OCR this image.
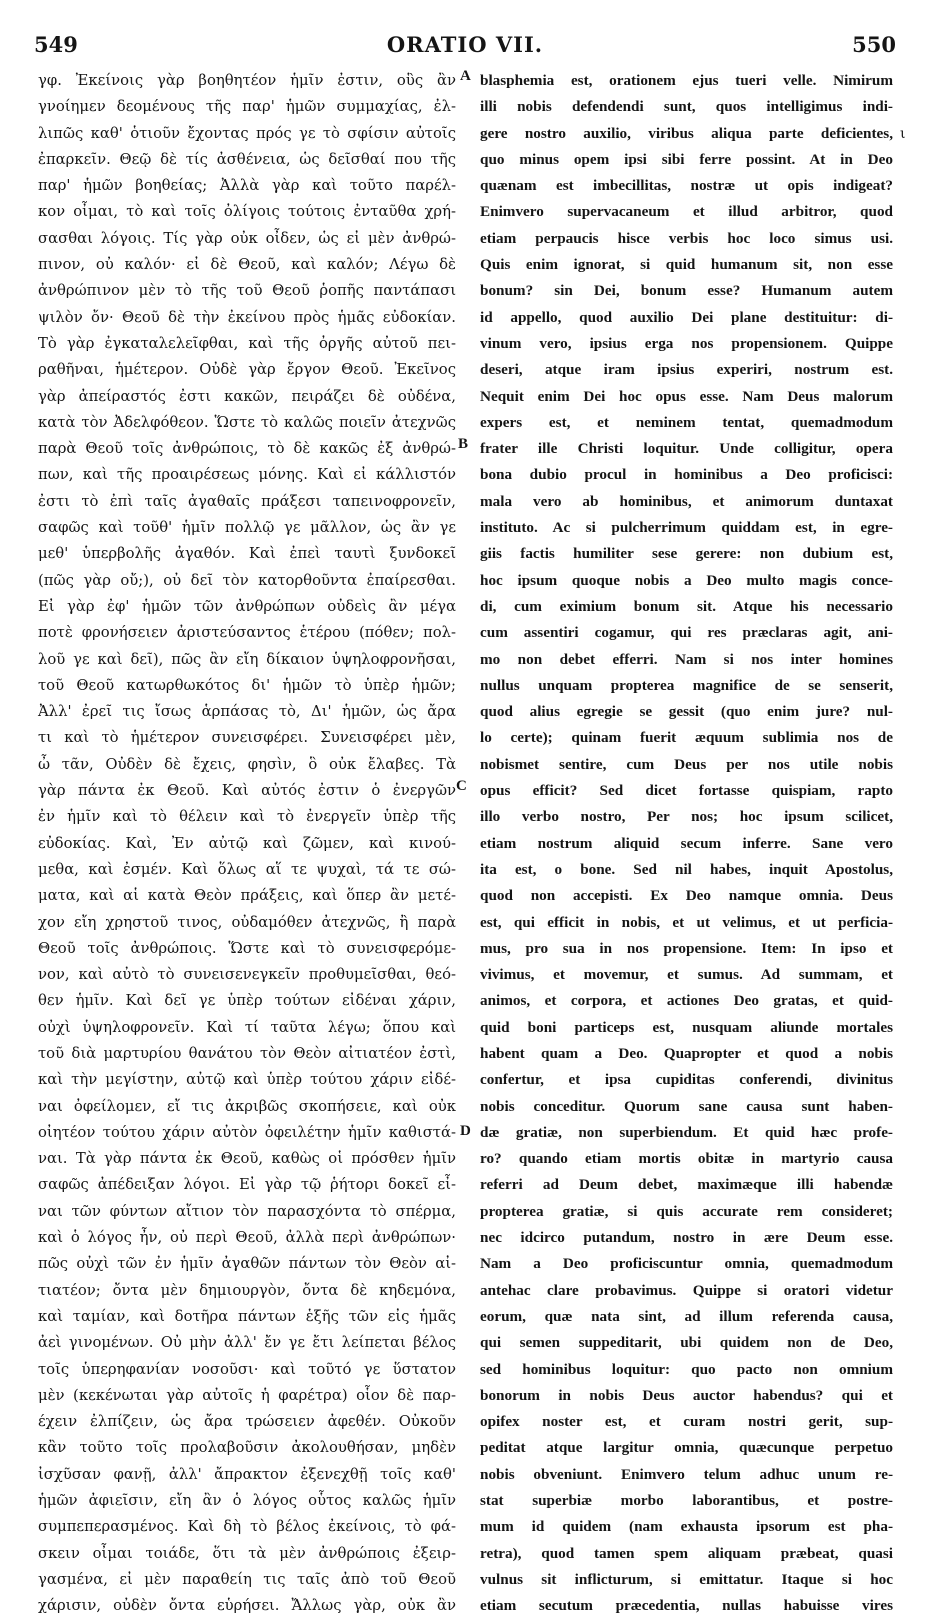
549	ORATIO VII.	550
γφ. Ἐκείνοις γὰρ βοηθητέον ἡμῖν ἐστιν, οὓς ἂν
γνοίημεν δεομένους τῆς παρ' ἡμῶν συμμαχίας, ἐλ-
λιπῶς καθ' ὁτιοῦν ἔχοντας πρός γε τὸ σφίσιν αὐτοῖς
ἐπαρκεῖν. Θεῷ δὲ τίς ἀσθένεια, ὡς δεῖσθαί που τῆς
παρ' ἡμῶν βοηθείας; Ἀλλὰ γὰρ καὶ τοῦτο παρέλ-
κον οἶμαι, τὸ καὶ τοῖς ὀλίγοις τούτοις ἐνταῦθα χρή-
σασθαι λόγοις. Τίς γὰρ οὐκ οἶδεν, ὡς εἰ μὲν ἀνθρώ-
πινον, οὐ καλόν· εἰ δὲ Θεοῦ, καὶ καλόν; Λέγω δὲ
ἀνθρώπινον μὲν τὸ τῆς τοῦ Θεοῦ ῥοπῆς παντάπασι
ψιλὸν ὄν· Θεοῦ δὲ τὴν ἐκείνου πρὸς ἡμᾶς εὐδοκίαν.
Τὸ γὰρ ἐγκαταλελεῖφθαι, καὶ τῆς ὀργῆς αὐτοῦ πει-
ραθῆναι, ἡμέτερον. Οὐδὲ γὰρ ἔργον Θεοῦ. Ἐκεῖνος
γὰρ ἀπείραστός ἐστι κακῶν, πειράζει δὲ οὐδένα,
κατὰ τὸν Ἀδελφόθεον. Ὥστε τὸ καλῶς ποιεῖν ἀτεχνῶς
παρὰ Θεοῦ τοῖς ἀνθρώποις, τὸ δὲ κακῶς ἐξ ἀνθρώ-
πων, καὶ τῆς προαιρέσεως μόνης. Καὶ εἰ κάλλιστόν
ἐστι τὸ ἐπὶ ταῖς ἀγαθαῖς πράξεσι ταπεινοφρονεῖν,
σαφῶς καὶ τοῦθ' ἡμῖν πολλῷ γε μᾶλλον, ὡς ἂν γε
μεθ' ὑπερβολῆς ἀγαθόν. Καὶ ἐπεὶ ταυτὶ ξυνδοκεῖ
(πῶς γὰρ οὔ;), οὐ δεῖ τὸν κατορθοῦντα ἐπαίρεσθαι.
Εἰ γὰρ ἐφ' ἡμῶν τῶν ἀνθρώπων οὐδεὶς ἂν μέγα
ποτὲ φρονήσειεν ἀριστεύσαντος ἑτέρου (πόθεν; πολ-
λοῦ γε καὶ δεῖ), πῶς ἂν εἴη δίκαιον ὑψηλοφρονῆσαι,
τοῦ Θεοῦ κατωρθωκότος δι' ἡμῶν τὸ ὑπὲρ ἡμῶν;
Ἀλλ' ἐρεῖ τις ἴσως ἁρπάσας τὸ, Δι' ἡμῶν, ὡς ἄρα
τι καὶ τὸ ἡμέτερον συνεισφέρει. Συνεισφέρει μὲν,
ὦ τᾶν, Οὐδὲν δὲ ἔχεις, φησὶν, ὃ οὐκ ἔλαβες. Τὰ
γὰρ πάντα ἐκ Θεοῦ. Καὶ αὐτός ἐστιν ὁ ἐνεργῶν
ἐν ἡμῖν καὶ τὸ θέλειν καὶ τὸ ἐνεργεῖν ὑπὲρ τῆς
εὐδοκίας. Καὶ, Ἐν αὐτῷ καὶ ζῶμεν, καὶ κινού-
μεθα, καὶ ἐσμέν. Καὶ ὅλως αἵ τε ψυχαὶ, τά τε σώ-
ματα, καὶ αἱ κατὰ Θεὸν πράξεις, καὶ ὅπερ ἂν μετέ-
χον εἴη χρηστοῦ τινος, οὐδαμόθεν ἀτεχνῶς, ἢ παρὰ
Θεοῦ τοῖς ἀνθρώποις. Ὥστε καὶ τὸ συνεισφερόμε-
νον, καὶ αὐτὸ τὸ συνεισενεγκεῖν προθυμεῖσθαι, θεό-
θεν ἡμῖν. Καὶ δεῖ γε ὑπὲρ τούτων εἰδέναι χάριν,
οὐχὶ ὑψηλοφρονεῖν. Καὶ τί ταῦτα λέγω; ὅπου καὶ
τοῦ διὰ μαρτυρίου θανάτου τὸν Θεὸν αἰτιατέον ἐστὶ,
καὶ τὴν μεγίστην, αὐτῷ καὶ ὑπὲρ τούτου χάριν εἰδέ-
ναι ὀφείλομεν, εἴ τις ἀκριβῶς σκοπήσειε, καὶ οὐκ
οἰητέον τούτου χάριν αὐτὸν ὀφειλέτην ἡμῖν καθιστά-
ναι. Τὰ γὰρ πάντα ἐκ Θεοῦ, καθὼς οἱ πρόσθεν ἡμῖν
σαφῶς ἀπέδειξαν λόγοι. Εἰ γὰρ τῷ ῥήτορι δοκεῖ εἶ-
ναι τῶν φύντων αἴτιον τὸν παρασχόντα τὸ σπέρμα,
καὶ ὁ λόγος ἦν, οὐ περὶ Θεοῦ, ἀλλὰ περὶ ἀνθρώπων·
πῶς οὐχὶ τῶν ἐν ἡμῖν ἀγαθῶν πάντων τὸν Θεὸν αἰ-
τιατέον; ὄντα μὲν δημιουργὸν, ὄντα δὲ κηδεμόνα,
καὶ ταμίαν, καὶ δοτῆρα πάντων ἑξῆς τῶν εἰς ἡμᾶς
ἀεὶ γινομένων. Οὐ μὴν ἀλλ' ἔν γε ἔτι λείπεται βέλος
τοῖς ὑπερηφανίαν νοσοῦσι· καὶ τοῦτό γε ὕστατον
μὲν (κεκένωται γὰρ αὐτοῖς ἡ φαρέτρα) οἷον δὲ παρ-
έχειν ἐλπίζειν, ὡς ἄρα τρώσειεν ἀφεθέν. Οὐκοῦν
κἂν τοῦτο τοῖς προλαβοῦσιν ἀκολουθήσαν, μηδὲν
ἰσχῦσαν φανῇ, ἀλλ' ἄπρακτον ἐξενεχθῇ τοῖς καθ'
ἡμῶν ἀφιεῖσιν, εἴη ἂν ὁ λόγος οὗτος καλῶς ἡμῖν
συμπεπερασμένος. Καὶ δὴ τὸ βέλος ἐκείνοις, τὸ φά-
σκειν οἶμαι τοιάδε, ὅτι τὰ μὲν ἀνθρώποις ἐξειρ-
γασμένα, εἰ μὲν παραθείη τις ταῖς ἀπὸ τοῦ Θεοῦ
χάρισιν, οὐδὲν ὄντα εὑρήσει. Ἄλλως γὰρ, οὐκ ἂν
blasphemia est, orationem ejus tueri velle. Nimirum
illi nobis defendendi sunt, quos intelligimus indi-
gere nostro auxilio, viribus aliqua parte deficientes,
quo minus opem ipsi sibi ferre possint. At in Deo
quænam est imbecillitas, nostræ ut opis indigeat?
Enimvero supervacaneum et illud arbitror, quod
etiam perpaucis hisce verbis hoc loco simus usi.
Quis enim ignorat, si quid humanum sit, non esse
bonum? sin Dei, bonum esse? Humanum autem
id appello, quod auxilio Dei plane destituitur: di-
vinum vero, ipsius erga nos propensionem. Quippe
deseri, atque iram ipsius experiri, nostrum est.
Nequit enim Dei hoc opus esse. Nam Deus malorum
expers est, et neminem tentat, quemadmodum
frater ille Christi loquitur. Unde colligitur, opera
bona dubio procul in hominibus a Deo proficisci:
mala vero ab hominibus, et animorum duntaxat
instituto. Ac si pulcherrimum quiddam est, in egre-
giis factis humiliter sese gerere: non dubium est,
hoc ipsum quoque nobis a Deo multo magis conce-
di, cum eximium bonum sit. Atque his necessario
cum assentiri cogamur, qui res præclaras agit, ani-
mo non debet efferri. Nam si nos inter homines
nullus unquam propterea magnifice de se senserit,
quod alius egregie se gessit (quo enim jure? nul-
lo certe); quinam fuerit æquum sublimia nos de
nobismet sentire, cum Deus per nos utile nobis
opus efficit? Sed dicet fortasse quispiam, rapto
illo verbo nostro, Per nos; hoc ipsum scilicet,
etiam nostrum aliquid secum inferre. Sane vero
ita est, o bone. Sed nil habes, inquit Apostolus,
quod non accepisti. Ex Deo namque omnia. Deus
est, qui efficit in nobis, et ut velimus, et ut perficia-
mus, pro sua in nos propensione. Item: In ipso et
vivimus, et movemur, et sumus. Ad summam, et
animos, et corpora, et actiones Deo gratas, et quid-
quid boni particeps est, nusquam aliunde mortales
habent quam a Deo. Quapropter et quod a nobis
confertur, et ipsa cupiditas conferendi, divinitus
nobis conceditur. Quorum sane causa sunt haben-
dæ gratiæ, non superbiendum. Et quid hæc profe-
ro? quando etiam mortis obitæ in martyrio causa
referri ad Deum debet, maximæque illi habendæ
propterea gratiæ, si quis accurate rem consideret;
nec idcirco putandum, nostro in ære Deum esse.
Nam a Deo proficiscuntur omnia, quemadmodum
antehac clare probavimus. Quippe si oratori videtur
eorum, quæ nata sint, ad illum referenda causa,
qui semen suppeditarit, ubi quidem non de Deo,
sed hominibus loquitur: quo pacto non omnium
bonorum in nobis Deus auctor habendus? qui et
opifex noster est, et curam nostri gerit, sup-
peditat atque largitur omnia, quæcunque perpetuo
nobis obveniunt. Enimvero telum adhuc unum re-
stat superbiæ morbo laborantibus, et postre-
mum id quidem (nam exhausta ipsorum est pha-
retra), quod tamen spem aliquam præbeat, quasi
vulnus sit inflicturum, si emittatur. Itaque si hoc
etiam secutum præcedentia, nullas habuisse vires
A
B
C
D
ι
